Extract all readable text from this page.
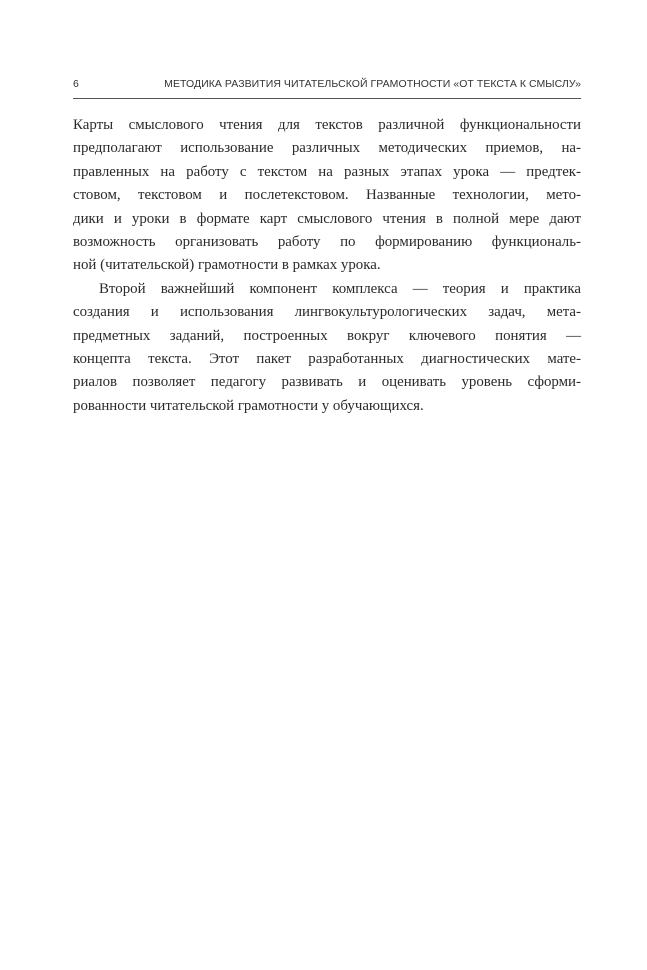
6	МЕТОДИКА РАЗВИТИЯ ЧИТАТЕЛЬСКОЙ ГРАМОТНОСТИ «ОТ ТЕКСТА К СМЫСЛУ»
Карты смыслового чтения для текстов различной функциональности
предполагают использование различных методических приемов, на-
правленных на работу с текстом на разных этапах урока — предтек-
стовом, текстовом и послетекстовом. Названные технологии, мето-
дики и уроки в формате карт смыслового чтения в полной мере дают
возможность организовать работу по формированию функциональ-
ной (читательской) грамотности в рамках урока.
Второй важнейший компонент комплекса — теория и практика
создания и использования лингвокультурологических задач, мета-
предметных заданий, построенных вокруг ключевого понятия —
концепта текста. Этот пакет разработанных диагностических мате-
риалов позволяет педагогу развивать и оценивать уровень сформи-
рованности читательской грамотности у обучающихся.
